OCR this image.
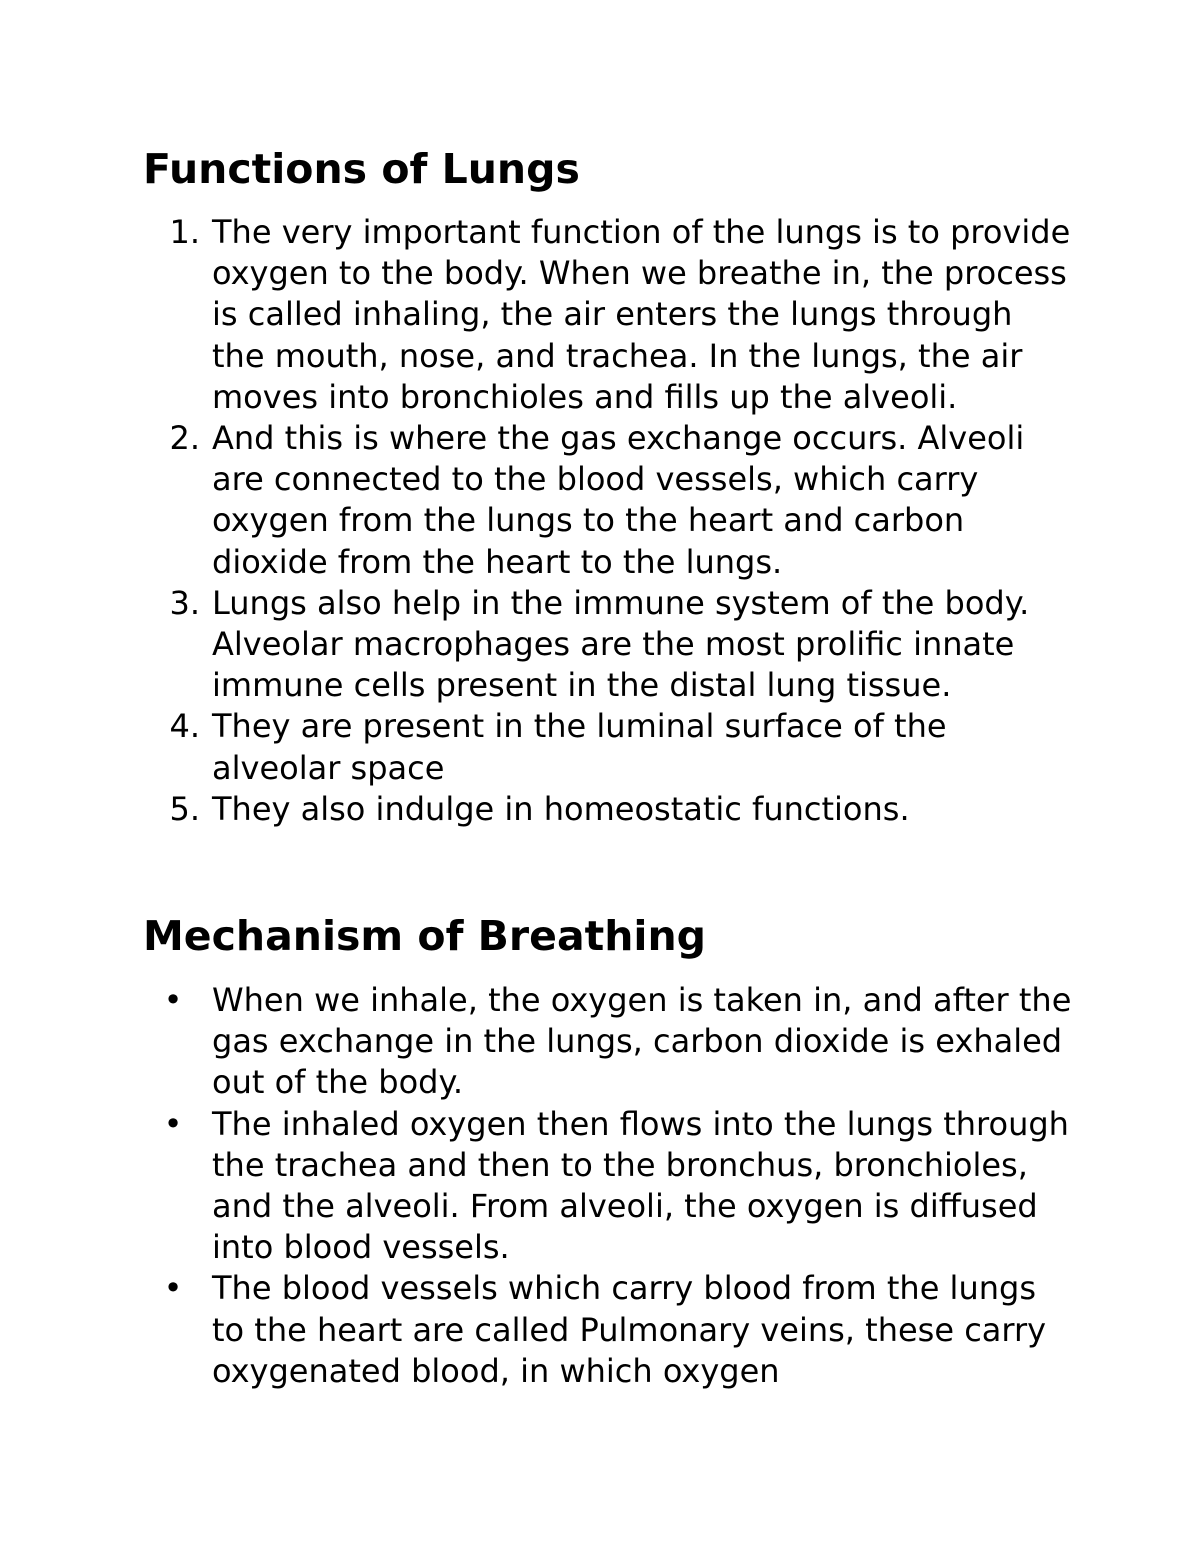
Functions of Lungs
1. The very important function of the lungs is to provide oxygen to the body. When we breathe in, the process is called inhaling, the air enters the lungs through the mouth, nose, and trachea. In the lungs, the air moves into bronchioles and fills up the alveoli.
2. And this is where the gas exchange occurs. Alveoli are connected to the blood vessels, which carry oxygen from the lungs to the heart and carbon dioxide from the heart to the lungs.
3. Lungs also help in the immune system of the body. Alveolar macrophages are the most prolific innate immune cells present in the distal lung tissue.
4. They are present in the luminal surface of the alveolar space
5. They also indulge in homeostatic functions.
Mechanism of Breathing
• When we inhale, the oxygen is taken in, and after the gas exchange in the lungs, carbon dioxide is exhaled out of the body.
• The inhaled oxygen then flows into the lungs through the trachea and then to the bronchus, bronchioles, and the alveoli. From alveoli, the oxygen is diffused into blood vessels.
• The blood vessels which carry blood from the lungs to the heart are called Pulmonary veins, these carry oxygenated blood, in which oxygen
